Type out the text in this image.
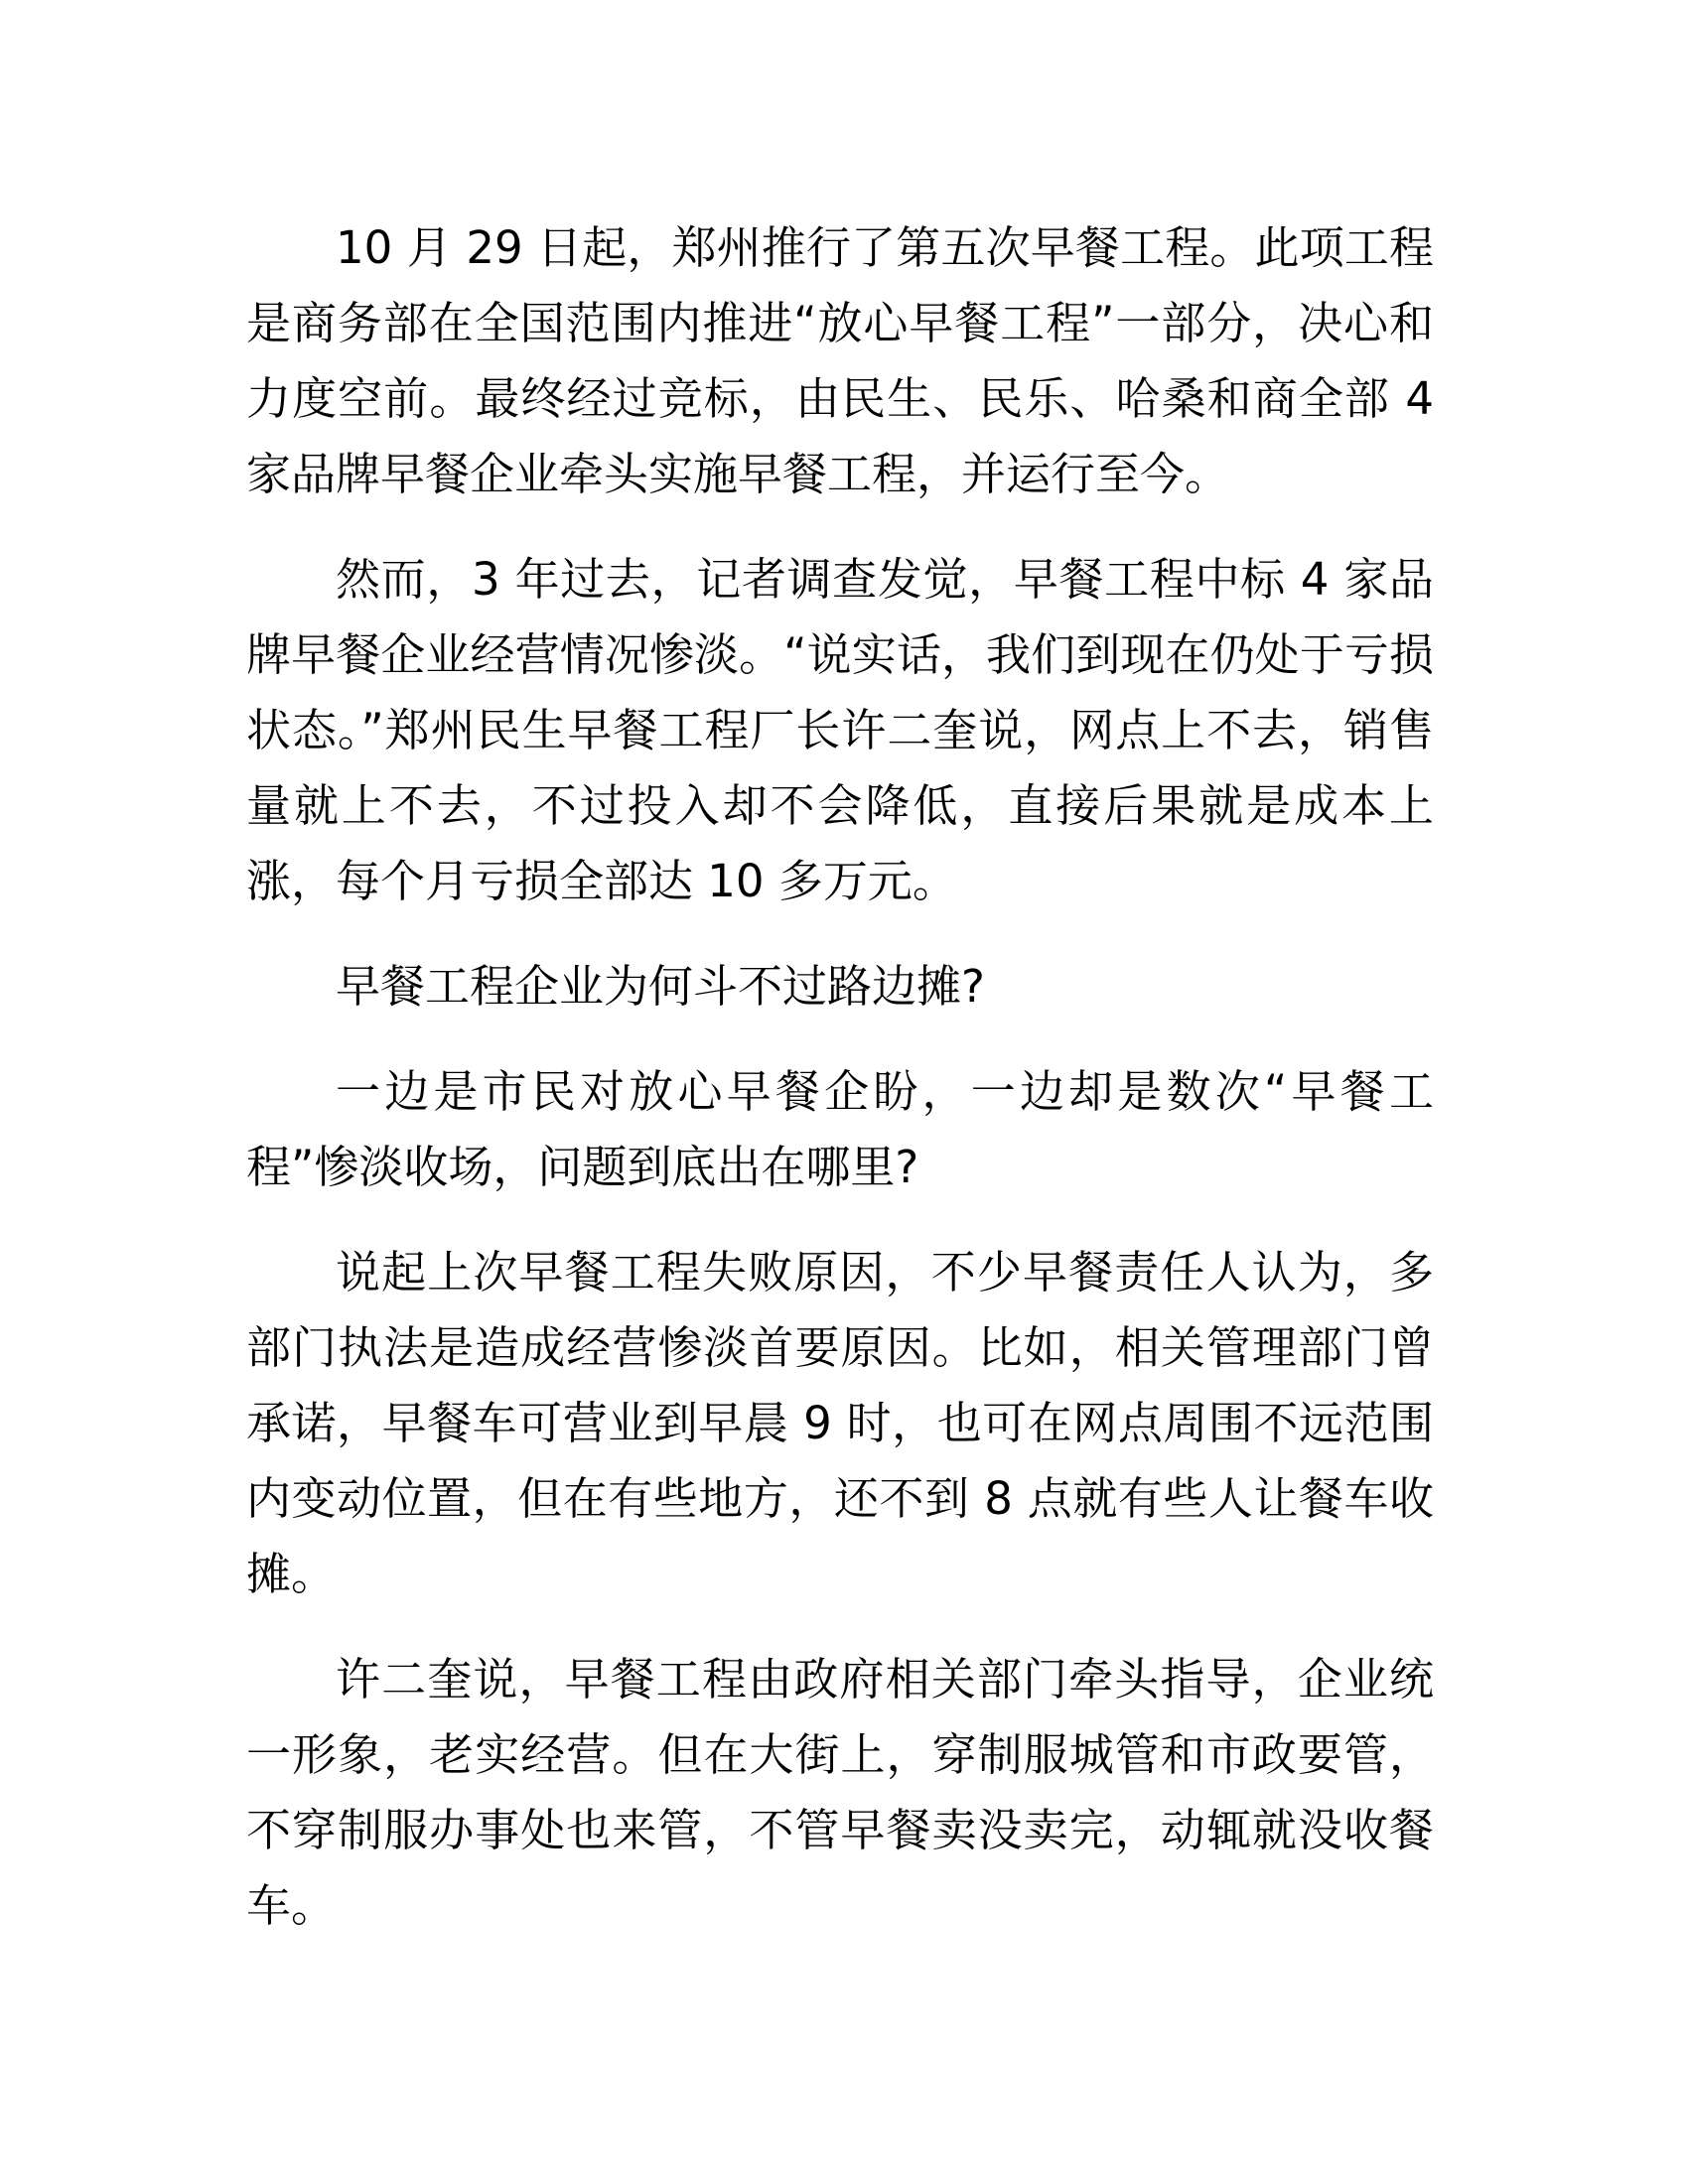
10 月 29 日起，郑州推行了第五次早餐工程。此项工程是商务部在全国范围内推进“放心早餐工程”一部分，决心和力度空前。最终经过竞标，由民生、民乐、哈桑和商全部 4 家品牌早餐企业牵头实施早餐工程，并运行至今。

然而，3 年过去，记者调查发觉，早餐工程中标 4 家品牌早餐企业经营情况惨淡。“说实话，我们到现在仍处于亏损状态。”郑州民生早餐工程厂长许二奎说，网点上不去，销售量就上不去，不过投入却不会降低，直接后果就是成本上涨，每个月亏损全部达 10 多万元。

早餐工程企业为何斗不过路边摊?

一边是市民对放心早餐企盼，一边却是数次“早餐工程”惨淡收场，问题到底出在哪里?

说起上次早餐工程失败原因，不少早餐责任人认为，多部门执法是造成经营惨淡首要原因。比如，相关管理部门曾承诺，早餐车可营业到早晨 9 时，也可在网点周围不远范围内变动位置，但在有些地方，还不到 8 点就有些人让餐车收摊。

许二奎说，早餐工程由政府相关部门牵头指导，企业统一形象，老实经营。但在大街上，穿制服城管和市政要管，不穿制服办事处也来管，不管早餐卖没卖完，动辄就没收餐车。
